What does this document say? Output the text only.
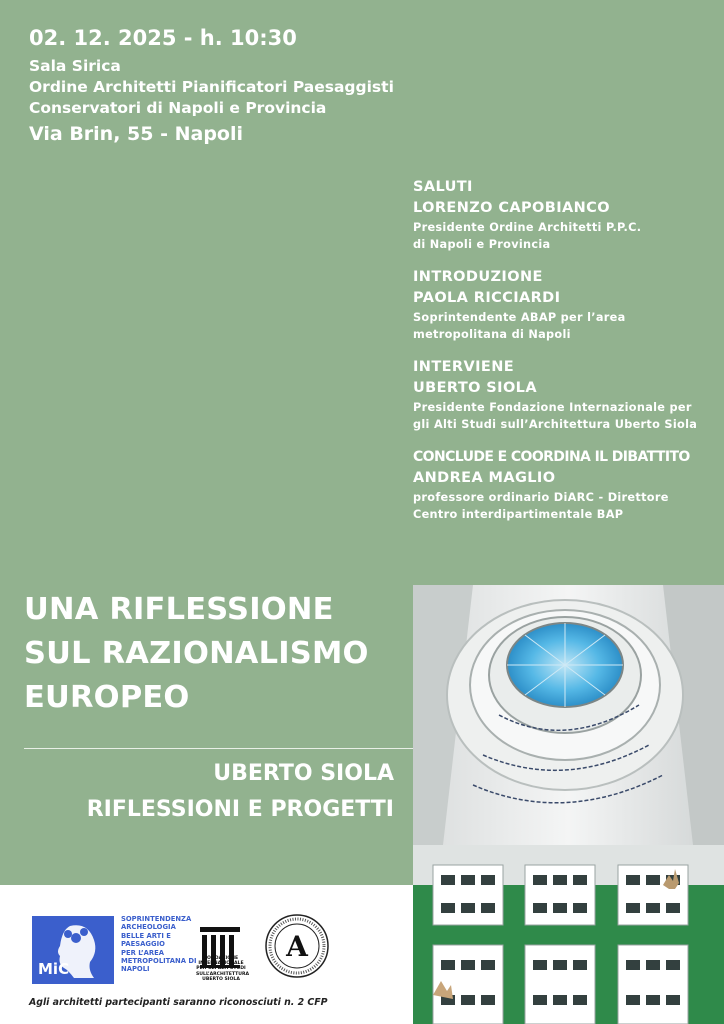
02. 12. 2025 - h. 10:30
Sala Sirica
Ordine Architetti Pianificatori Paesaggisti
Conservatori di Napoli e Provincia
Via Brin, 55 - Napoli
SALUTI
LORENZO CAPOBIANCO
Presidente Ordine Architetti P.P.C.
di Napoli e Provincia
INTRODUZIONE
PAOLA RICCIARDI
Soprintendente ABAP per l’area
metropolitana di Napoli
INTERVIENE
UBERTO SIOLA
Presidente Fondazione Internazionale per
gli Alti Studi sull’Architettura Uberto Siola
CONCLUDE E COORDINA IL DIBATTITO
ANDREA MAGLIO
professore ordinario DiARC - Direttore
Centro interdipartimentale BAP
UNA RIFLESSIONE
SUL RAZIONALISMO
EUROPEO
UBERTO SIOLA
RIFLESSIONI E PROGETTI
MiC
SOPRINTENDENZA
ARCHEOLOGIA
BELLE ARTI E
PAESAGGIO
PER L’AREA
METROPOLITANA DI
NAPOLI
FONDAZIONE
INTERNAZIONALE
PER GLI ALTI STUDI SULL’ARCHITETTURA
UBERTO SIOLA
A
Agli architetti partecipanti saranno riconosciuti n. 2 CFP
